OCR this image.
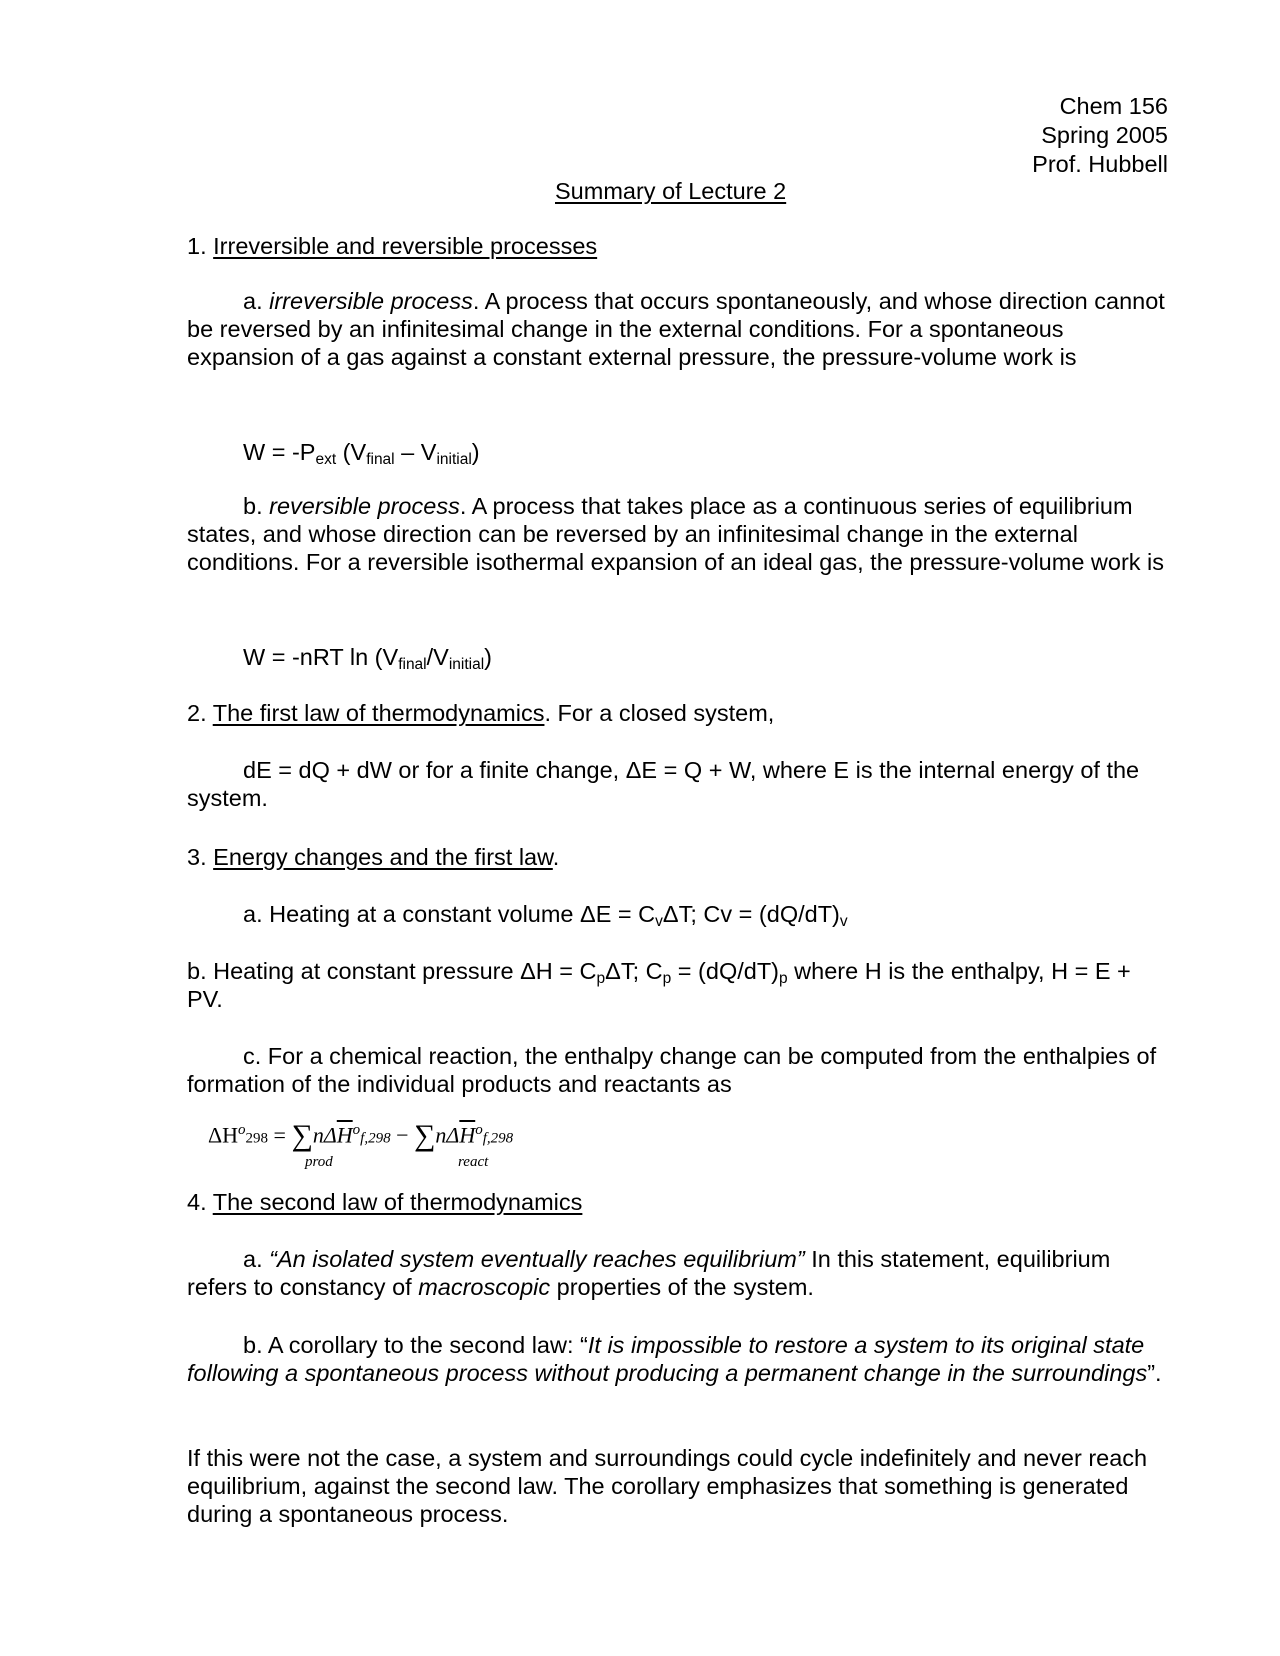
Chem 156
Spring 2005
Prof. Hubbell
Summary of Lecture 2
1. Irreversible and reversible processes
a. irreversible process. A process that occurs spontaneously, and whose direction cannot be reversed by an infinitesimal change in the external conditions. For a spontaneous expansion of a gas against a constant external pressure, the pressure-volume work is
$W = -P_{ext}$ $(V_{final} - V_{initial})$
b. reversible process. A process that takes place as a continuous series of equilibrium states, and whose direction can be reversed by an infinitesimal change in the external conditions. For a reversible isothermal expansion of an ideal gas, the pressure-volume work is
W = -nRT $\ln (V_{final}/V_{initial})$
2. The first law of thermodynamics. For a closed system,
dE = dQ + dW or for a finite change, ΔE = Q + W, where E is the internal energy of the system.
3. Energy changes and the first law.
a. Heating at a constant volume $\Delta E = C_v\Delta T$; $Cv = (dQ/dT)_v$
b. Heating at constant pressure $\Delta H = C_p\Delta T$; $C_p = (dQ/dT)_p$ where H is the enthalpy, H = E + PV.
c. For a chemical reaction, the enthalpy change can be computed from the enthalpies of formation of the individual products and reactants as
$\Delta H^o298 = \sum n\Delta\overline{H}^of,298 - \sum n\Delta\overline{H}^of,298$
prod	react
4. The second law of thermodynamics
a. “An isolated system eventually reaches equilibrium” In this statement, equilibrium refers to constancy of macroscopic properties of the system.
b. A corollary to the second law: “It is impossible to restore a system to its original state following a spontaneous process without producing a permanent change in the surroundings”.
If this were not the case, a system and surroundings could cycle indefinitely and never reach equilibrium, against the second law. The corollary emphasizes that something is generated during a spontaneous process.
